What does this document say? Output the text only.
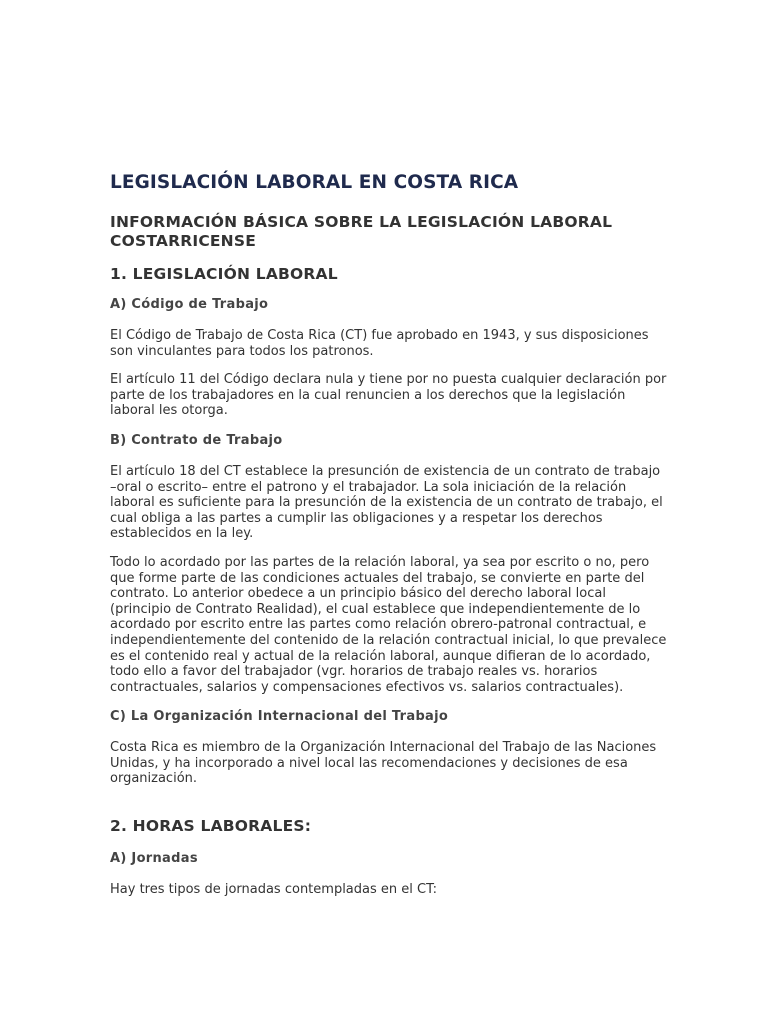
LEGISLACIÓN LABORAL EN COSTA RICA
INFORMACIÓN BÁSICA SOBRE LA LEGISLACIÓN LABORAL COSTARRICENSE
1. LEGISLACIÓN LABORAL
A) Código de Trabajo

El Código de Trabajo de Costa Rica (CT) fue aprobado en 1943, y sus disposiciones son vinculantes para todos los patronos.

El artículo 11 del Código declara nula y tiene por no puesta cualquier declaración por parte de los trabajadores en la cual renuncien a los derechos que la legislación laboral les otorga.

B) Contrato de Trabajo

El artículo 18 del CT establece la presunción de existencia de un contrato de trabajo –oral o escrito– entre el patrono y el trabajador. La sola iniciación de la relación laboral es suficiente para la presunción de la existencia de un contrato de trabajo, el cual obliga a las partes a cumplir las obligaciones y a respetar los derechos establecidos en la ley.

Todo lo acordado por las partes de la relación laboral, ya sea por escrito o no, pero que forme parte de las condiciones actuales del trabajo, se convierte en parte del contrato. Lo anterior obedece a un principio básico del derecho laboral local (principio de Contrato Realidad), el cual establece que independientemente de lo acordado por escrito entre las partes como relación obrero-patronal contractual, e independientemente del contenido de la relación contractual inicial, lo que prevalece es el contenido real y actual de la relación laboral, aunque difieran de lo acordado, todo ello a favor del trabajador (vgr. horarios de trabajo reales vs. horarios contractuales, salarios y compensaciones efectivos vs. salarios contractuales).

C) La Organización Internacional del Trabajo

Costa Rica es miembro de la Organización Internacional del Trabajo de las Naciones Unidas, y ha incorporado a nivel local las recomendaciones y decisiones de esa organización.

2. HORAS LABORALES:
A) Jornadas

Hay tres tipos de jornadas contempladas en el CT:
